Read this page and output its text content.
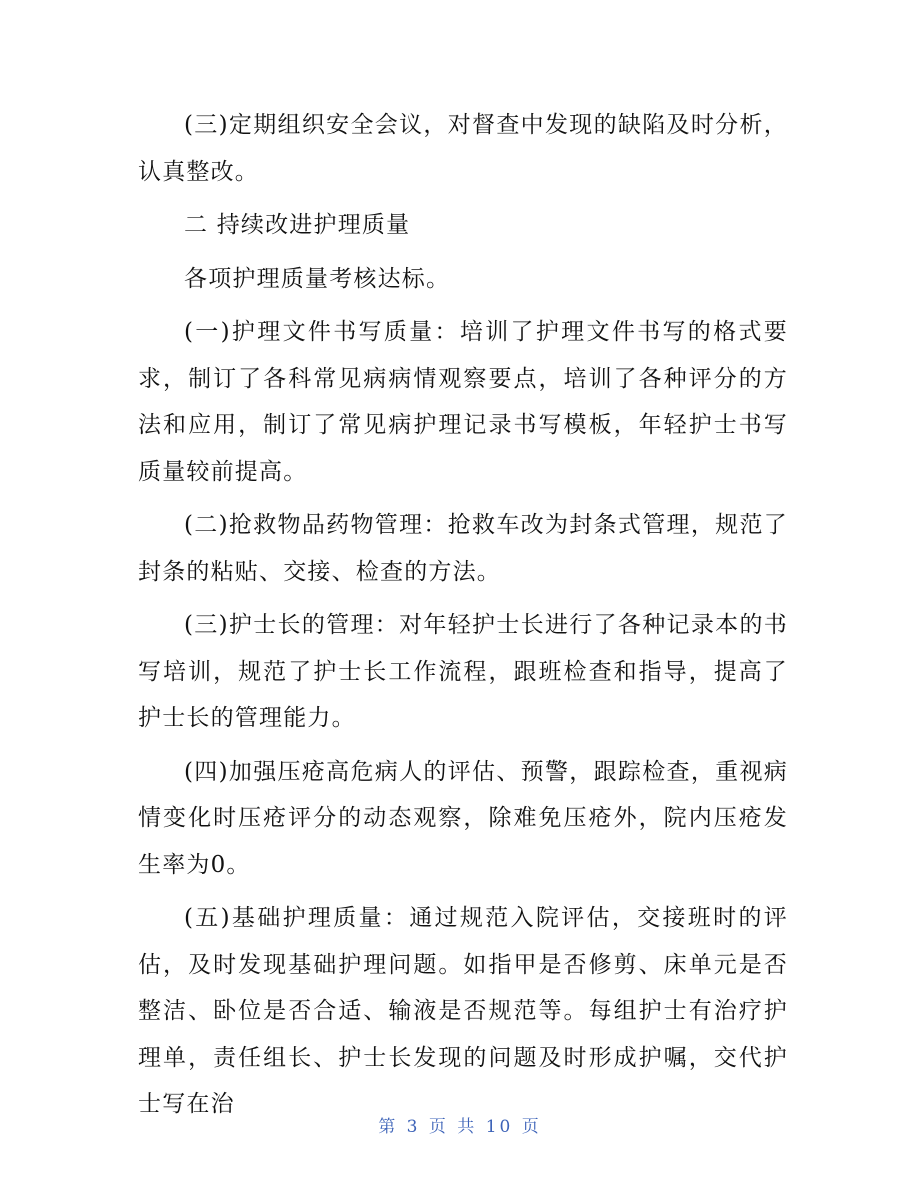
(三)定期组织安全会议，对督查中发现的缺陷及时分析，认真整改。

二 持续改进护理质量

各项护理质量考核达标。

(一)护理文件书写质量：培训了护理文件书写的格式要求，制订了各科常见病病情观察要点，培训了各种评分的方法和应用，制订了常见病护理记录书写模板，年轻护士书写质量较前提高。

(二)抢救物品药物管理：抢救车改为封条式管理，规范了封条的粘贴、交接、检查的方法。

(三)护士长的管理：对年轻护士长进行了各种记录本的书写培训，规范了护士长工作流程，跟班检查和指导，提高了护士长的管理能力。

(四)加强压疮高危病人的评估、预警，跟踪检查，重视病情变化时压疮评分的动态观察，除难免压疮外，院内压疮发生率为0。

(五)基础护理质量：通过规范入院评估，交接班时的评估，及时发现基础护理问题。如指甲是否修剪、床单元是否整洁、卧位是否合适、输液是否规范等。每组护士有治疗护理单，责任组长、护士长发现的问题及时形成护嘱，交代护士写在治

第 3 页 共 10 页
